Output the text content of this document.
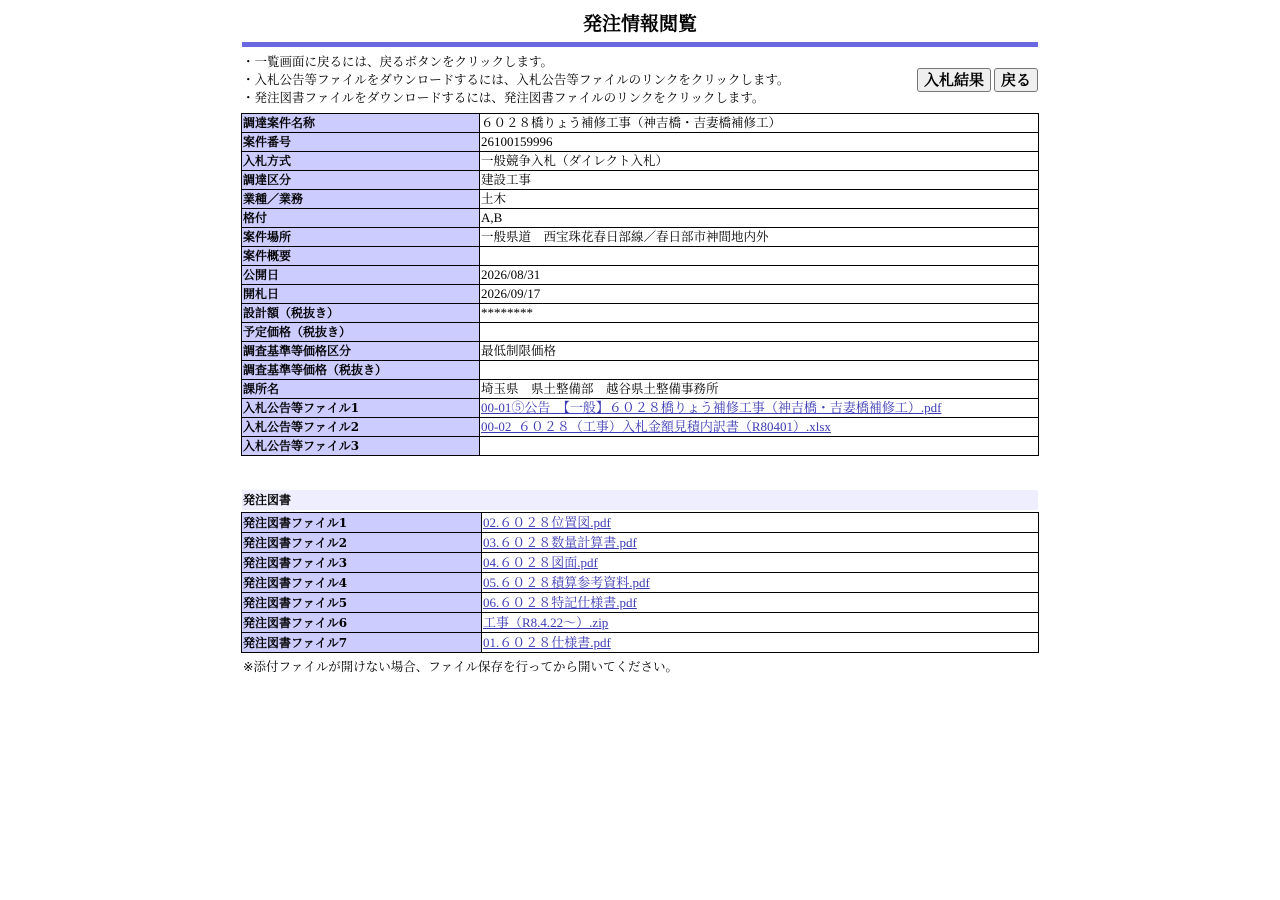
発注情報閲覧
・一覧画面に戻るには、戻るボタンをクリックします。
・入札公告等ファイルをダウンロードするには、入札公告等ファイルのリンクをクリックします。
・発注図書ファイルをダウンロードするには、発注図書ファイルのリンクをクリックします。
入札結果	戻る
調達案件名称	６０２８橋りょう補修工事（神吉橋・吉妻橋補修工）
案件番号	26100159996
入札方式	一般競争入札（ダイレクト入札）
調達区分	建設工事
業種／業務	土木
格付	A,B
案件場所	一般県道　西宝珠花春日部線／春日部市神間地内外
案件概要	
公開日	2026/08/31
開札日	2026/09/17
設計額（税抜き）	********
予定価格（税抜き）	
調査基準等価格区分	最低制限価格
調査基準等価格（税抜き）	
課所名	埼玉県　県土整備部　越谷県土整備事務所
入札公告等ファイル1	00-01⑤公告　【一般】６０２８橋りょう補修工事（神吉橋・吉妻橋補修工）.pdf
入札公告等ファイル2	00-02_６０２８（工事）入札金額見積内訳書（R80401）.xlsx
入札公告等ファイル3	
発注図書
発注図書ファイル1	02.６０２８位置図.pdf
発注図書ファイル2	03.６０２８数量計算書.pdf
発注図書ファイル3	04.６０２８図面.pdf
発注図書ファイル4	05.６０２８積算参考資料.pdf
発注図書ファイル5	06.６０２８特記仕様書.pdf
発注図書ファイル6	工事（R8.4.22～）.zip
発注図書ファイル7	01.６０２８仕様書.pdf
※添付ファイルが開けない場合、ファイル保存を行ってから開いてください。
